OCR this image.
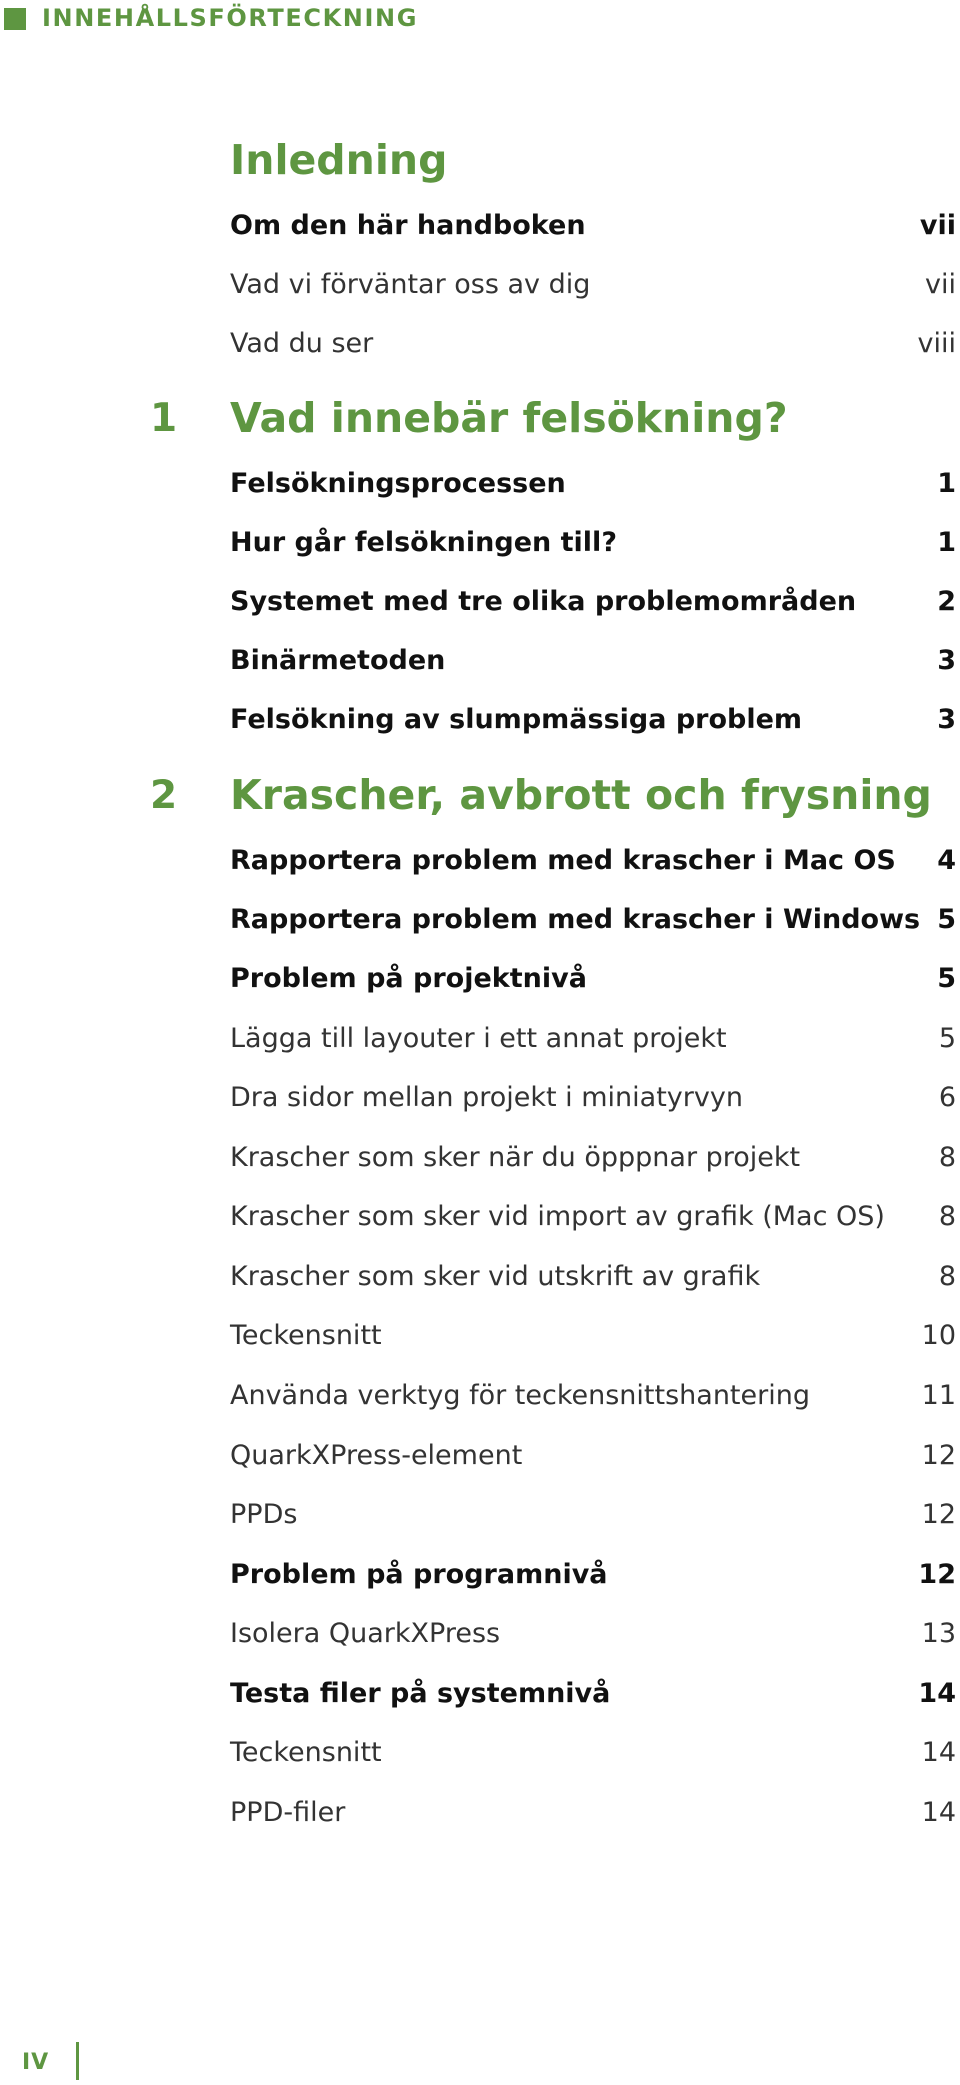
INNEHÅLLSFÖRTECKNING
Inledning
Om den här handboken	vii
Vad vi förväntar oss av dig	vii
Vad du ser	viii
1	Vad innebär felsökning?
Felsökningsprocessen	1
Hur går felsökningen till?	1
Systemet med tre olika problemområden	2
Binärmetoden	3
Felsökning av slumpmässiga problem	3
2	Krascher, avbrott och frysning
Rapportera problem med krascher i Mac OS 4
Rapportera problem med krascher i Windows 5
Problem på projektnivå	5
Lägga till layouter i ett annat projekt	5
Dra sidor mellan projekt i miniatyrvyn	6
Krascher som sker när du öpppnar projekt	8
Krascher som sker vid import av grafik (Mac OS) 8
Krascher som sker vid utskrift av grafik	8
Teckensnitt	10
Använda verktyg för teckensnittshantering	11
QuarkXPress-element	12
PPDs	12
Problem på programnivå	12
Isolera QuarkXPress	13
Testa filer på systemnivå	14
Teckensnitt	14
PPD-filer	14
IV
